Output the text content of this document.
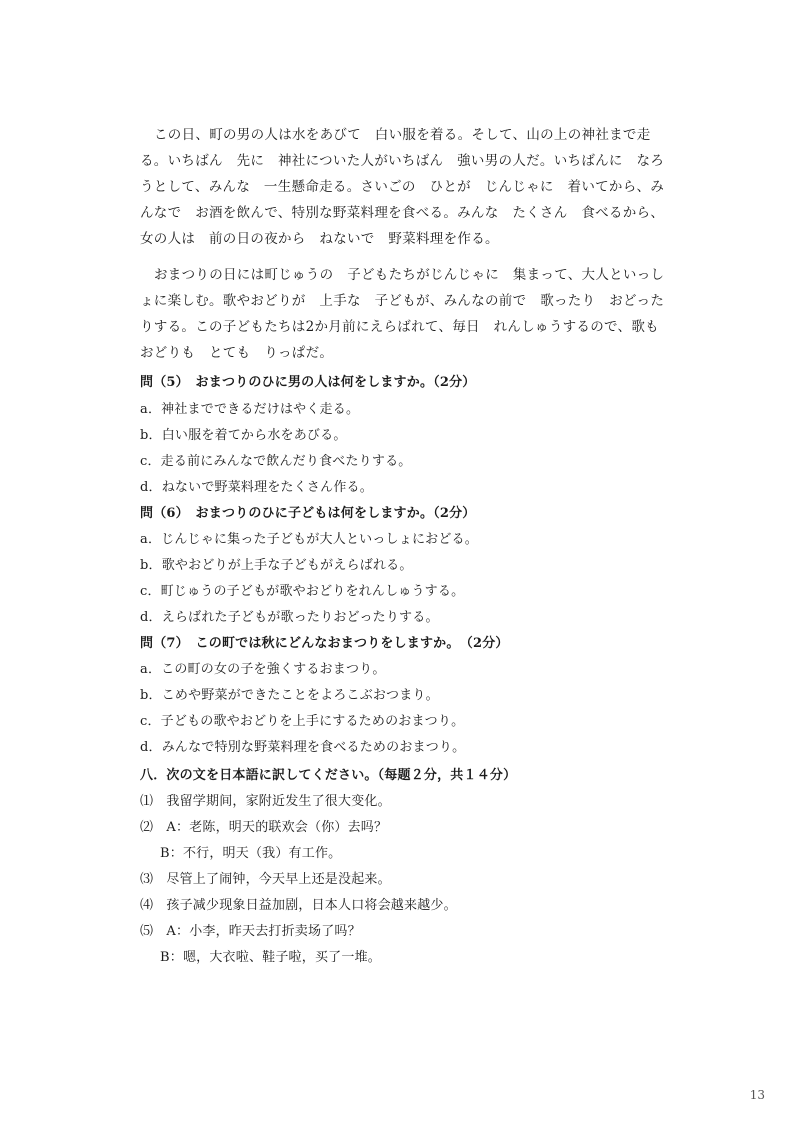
この日、町の男の人は水をあびて　白い服を着る。そして、山の上の神社まで走る。いちばん　先に　神社についた人がいちばん　強い男の人だ。いちばんに　なろうとして、みんな　一生懸命走る。さいごの　ひとが　じんじゃに　着いてから、みんなで　お酒を飲んで、特別な野菜料理を食べる。みんな　たくさん　食べるから、女の人は　前の日の夜から　ねないで　野菜料理を作る。

おまつりの日には町じゅうの　子どもたちがじんじゃに　集まって、大人といっしょに楽しむ。歌やおどりが　上手な　子どもが、みんなの前で　歌ったり　おどったりする。この子どもたちは2か月前にえらばれて、毎日　れんしゅうするので、歌もおどりも　とても　りっぱだ。

問（5）　おまつりのひに男の人は何をしますか。（2分）

a．神社までできるだけはやく走る。

b．白い服を着てから水をあびる。

c．走る前にみんなで飲んだり食べたりする。

d．ねないで野菜料理をたくさん作る。

問（6）　おまつりのひに子どもは何をしますか。（2分）

a．じんじゃに集った子どもが大人といっしょにおどる。

b．歌やおどりが上手な子どもがえらばれる。

c．町じゅうの子どもが歌やおどりをれんしゅうする。

d．えらばれた子どもが歌ったりおどったりする。

問（7）　この町では秋にどんなおまつりをしますか。　（2分）

a．この町の女の子を強くするおまつり。

b．こめや野菜ができたことをよろこぶおつまり。

c．子どもの歌やおどりを上手にするためのおまつり。

d．みんなで特別な野菜料理を食べるためのおまつり。

八．次の文を日本語に訳してください。（每题２分，共１４分）

⑴　我留学期间，家附近发生了很大变化。

⑵　A：老陈，明天的联欢会（你）去吗？

B：不行，明天（我）有工作。

⑶　尽管上了闹钟，今天早上还是没起来。

⑷　孩子减少现象日益加剧，日本人口将会越来越少。

⑸　A：小李，昨天去打折卖场了吗？

B：嗯，大衣啦、鞋子啦，买了一堆。

13
